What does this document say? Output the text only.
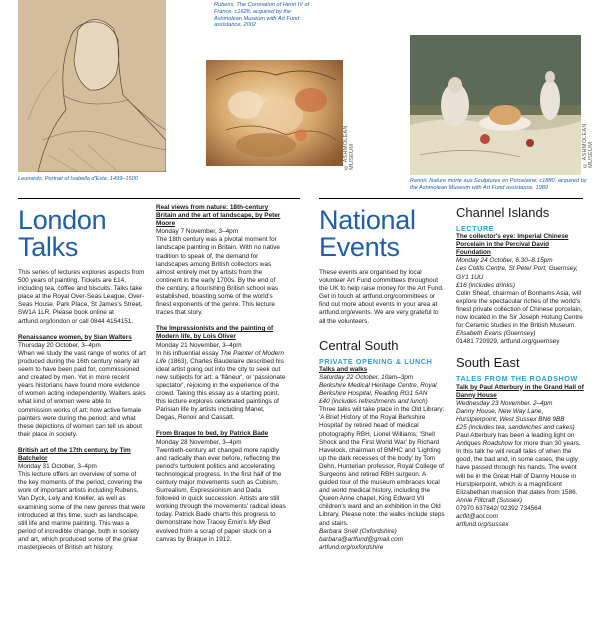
Leonardo, Portrait of Isabella d'Este, 1499–1500
Rubens, The Coronation of Henri IV of France, c1628, acquired by the Ashmolean Museum with Art Fund assistance, 2002
© ASHMOLEAN MUSEUM	© ASHMOLEAN MUSEUM
Renoir, Nature morte aux Sculptures en Porcelaine, c1880, acquired by the Ashmolean Museum with Art Fund assistance, 1989
London
Talks

This series of lectures explores aspects from 500 years of painting. Tickets are £14, including tea, coffee and biscuits. Talks take place at the Royal Over-Seas League, Over-Seas House, Park Place, St James's Street, SW1A 1LR. Please book online at artfund.org/london or call 0844 4154151.

Renaissance women, by Sian Walters

Thursday 20 October, 3–4pm

When we study the vast range of works of art produced during the 16th century nearly all seem to have been paid for, commissioned and created by men. Yet in more recent years historians have found more evidence of women acting independently. Walters asks what kind of women were able to commission works of art; how active female painters were during the period; and what these depictions of women can tell us about their place in society.

British art of the 17th century, by Tim Batchelor

Monday 31 October, 3–4pm

This lecture offers an overview of some of the key moments of the period, covering the work of important artists including Rubens, Van Dyck, Lely and Kneller, as well as examining some of the new genres that were introduced at this time, such as landscape, still life and marine painting. This was a period of incredible change, both in society and art, which produced some of the great masterpieces of British art history.

Real views from nature: 18th-century Britain and the art of landscape, by Peter Moore

Monday 7 November, 3–4pm

The 18th century was a pivotal moment for landscape painting in Britain. With no native tradition to speak of, the demand for landscapes among British collectors was almost entirely met by artists from the continent in the early 1700s. By the end of the century, a flourishing British school was established, boasting some of the world's finest exponents of the genre. This lecture traces that story.

The Impressionists and the painting of Modern life, by Lois Oliver

Monday 21 November, 3–4pm

In his influential essay The Painter of Modern Life (1863), Charles Baudelaire described his ideal artist going out into the city to seek out new subjects for art: a 'flâneur', or 'passionate spectator', rejoicing in the experience of the crowd. Taking this essay as a starting point, this lecture explores celebrated paintings of Parisian life by artists including Manet, Degas, Renoir and Cassatt.

From Braque to bed, by Patrick Bade

Monday 28 November, 3–4pm

Twentieth-century art changed more rapidly and radically than ever before, reflecting the period's turbulent politics and accelerating technological progress. In the first half of the century major movements such as Cubism, Surrealism, Expressionism and Dada followed in quick succession. Artists are still working through the movements' radical ideas today. Patrick Bade charts this progress to demonstrate how Tracey Emin's My Bed evolved from a scrap of paper stuck on a canvas by Braque in 1912.

National
Events

These events are organised by local volunteer Art Fund committees throughout the UK to help raise money for the Art Fund. Get in touch at artfund.org/committees or find out more about events in your area at artfund.org/events. We are very grateful to all the volunteers.

Central South
PRIVATE OPENING & LUNCH

Talks and walks

Saturday 22 October, 10am–3pm

Berkshire Medical Heritage Centre, Royal Berkshire Hospital, Reading RG1 5AN

£40 (includes refreshments and lunch)

Three talks will take place in the Old Library: 'A Brief History of the Royal Berkshire Hospital' by retired head of medical photography RBH, Lionel Williams; 'Shell Shock and the First World War' by Richard Havelock, chairman of BMHC and 'Lighting up the dark recesses of the body' by Tom Dehn, Hunterian professor, Royal College of Surgeons and retired RBH surgeon. A guided tour of the museum embraces local and world medical history, including the Queen Anne chapel, King Edward VII children's ward and an exhibition in the Old Library. Please note: the walks include steps and stairs.

Barbara Snell (Oxfordshire)

barbara@artfund@gmail.com

artfund.org/oxfordshire

Channel Islands
LECTURE

The collector's eye: Imperial Chinese Porcelain in the Percival David Foundation

Monday 24 October, 6.30–8.15pm

Les Cotils Centre, St Peter Port, Guernsey, GY1 1UU

£16 (includes drinks)

Colin Sheaf, chairman of Bonhams Asia, will explore the spectacular riches of the world's finest private collection of Chinese porcelain, now located in the Sir Joseph Hotung Centre for Ceramic studies in the British Museum.

Elisabeth Evans (Guernsey)

01481 720929, artfund.org/guernsey

South East
TALES FROM THE ROADSHOW

Talk by Paul Atterbury in the Grand Hall of Danny House

Wednesday 23 November, 2–4pm

Danny House, New Way Lane, Hurstpierpoint, West Sussex BN6 9BB

£25 (includes tea, sandwiches and cakes)

Paul Atterbury has been a leading light on Antiques Roadshow for more than 30 years. In this talk he will recall tales of when the good, the bad and, in some cases, the ugly have passed through his hands. The event will be in the Great Hall of Danny House in Hurstpierpoint, which is a magnificent Elizabethan mansion that dates from 1586.

Annie Flitcraft (Sussex)

07970 637842/ 02392 734564

acflit@aol.com

artfund.org/sussex
